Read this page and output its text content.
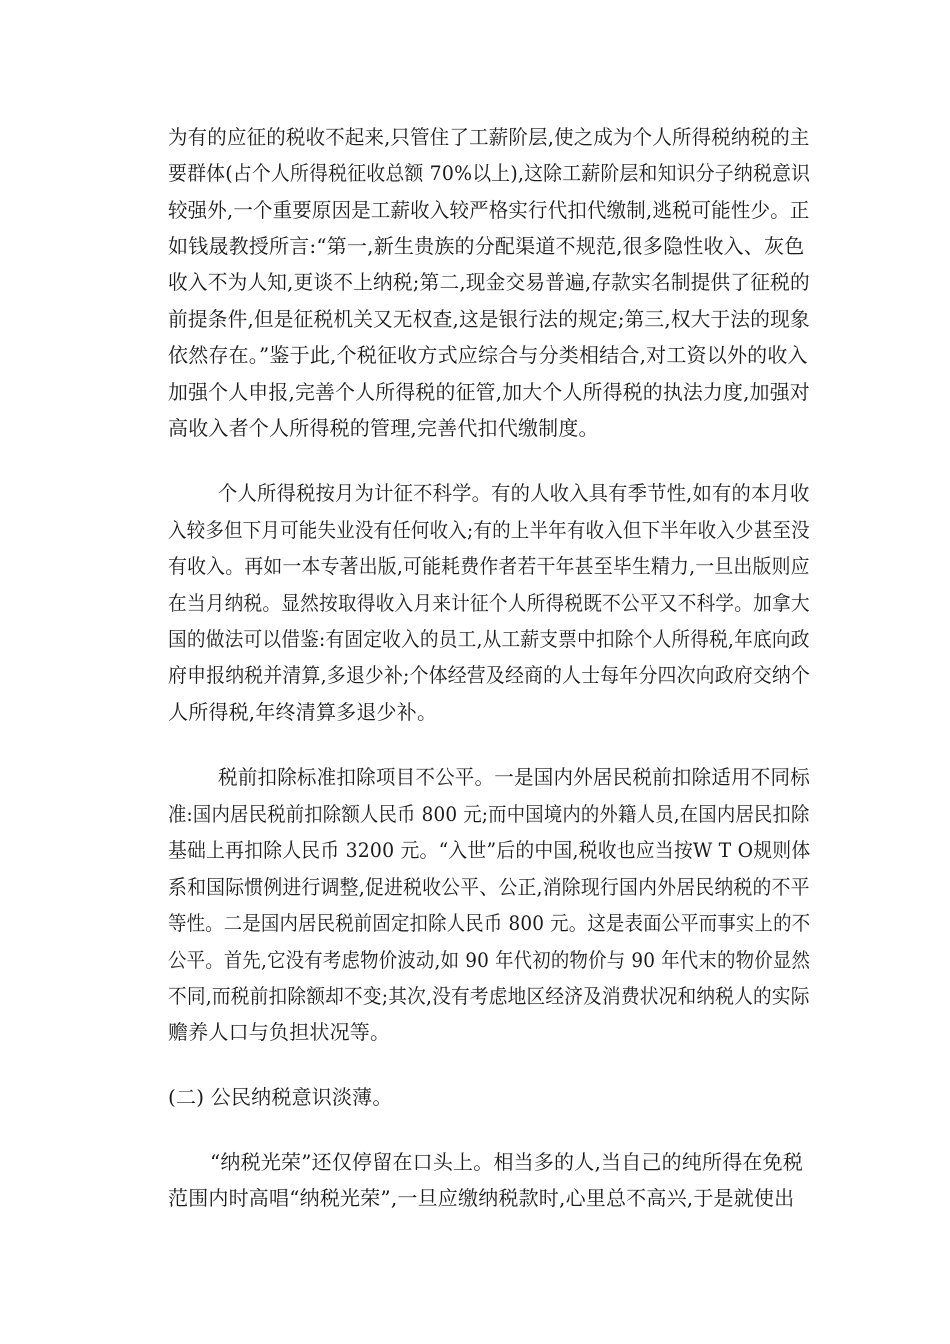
为有的应征的税收不起来,只管住了工薪阶层,使之成为个人所得税纳税的主
要群体(占个人所得税征收总额 70%以上),这除工薪阶层和知识分子纳税意识
较强外,一个重要原因是工薪收入较严格实行代扣代缴制,逃税可能性少。正
如钱晟教授所言:“第一,新生贵族的分配渠道不规范,很多隐性收入、灰色
收入不为人知,更谈不上纳税;第二,现金交易普遍,存款实名制提供了征税的
前提条件,但是征税机关又无权查,这是银行法的规定;第三,权大于法的现象
依然存在。”鉴于此,个税征收方式应综合与分类相结合,对工资以外的收入
加强个人申报,完善个人所得税的征管,加大个人所得税的执法力度,加强对
高收入者个人所得税的管理,完善代扣代缴制度。
个人所得税按月为计征不科学。有的人收入具有季节性,如有的本月收
入较多但下月可能失业没有任何收入;有的上半年有收入但下半年收入少甚至没
有收入。再如一本专著出版,可能耗费作者若干年甚至毕生精力,一旦出版则应
在当月纳税。显然按取得收入月来计征个人所得税既不公平又不科学。加拿大
国的做法可以借鉴:有固定收入的员工,从工薪支票中扣除个人所得税,年底向政
府申报纳税并清算,多退少补;个体经营及经商的人士每年分四次向政府交纳个
人所得税,年终清算多退少补。
税前扣除标准扣除项目不公平。一是国内外居民税前扣除适用不同标
准:国内居民税前扣除额人民币 800 元;而中国境内的外籍人员,在国内居民扣除
基础上再扣除人民币 3200 元。“入世”后的中国,税收也应当按W T O规则体
系和国际惯例进行调整,促进税收公平、公正,消除现行国内外居民纳税的不平
等性。二是国内居民税前固定扣除人民币 800 元。这是表面公平而事实上的不
公平。首先,它没有考虑物价波动,如 90 年代初的物价与 90 年代末的物价显然
不同,而税前扣除额却不变;其次,没有考虑地区经济及消费状况和纳税人的实际
赡养人口与负担状况等。
(二) 公民纳税意识淡薄。
“纳税光荣”还仅停留在口头上。相当多的人,当自己的纯所得在免税
范围内时高唱“纳税光荣”,一旦应缴纳税款时,心里总不高兴,于是就使出
